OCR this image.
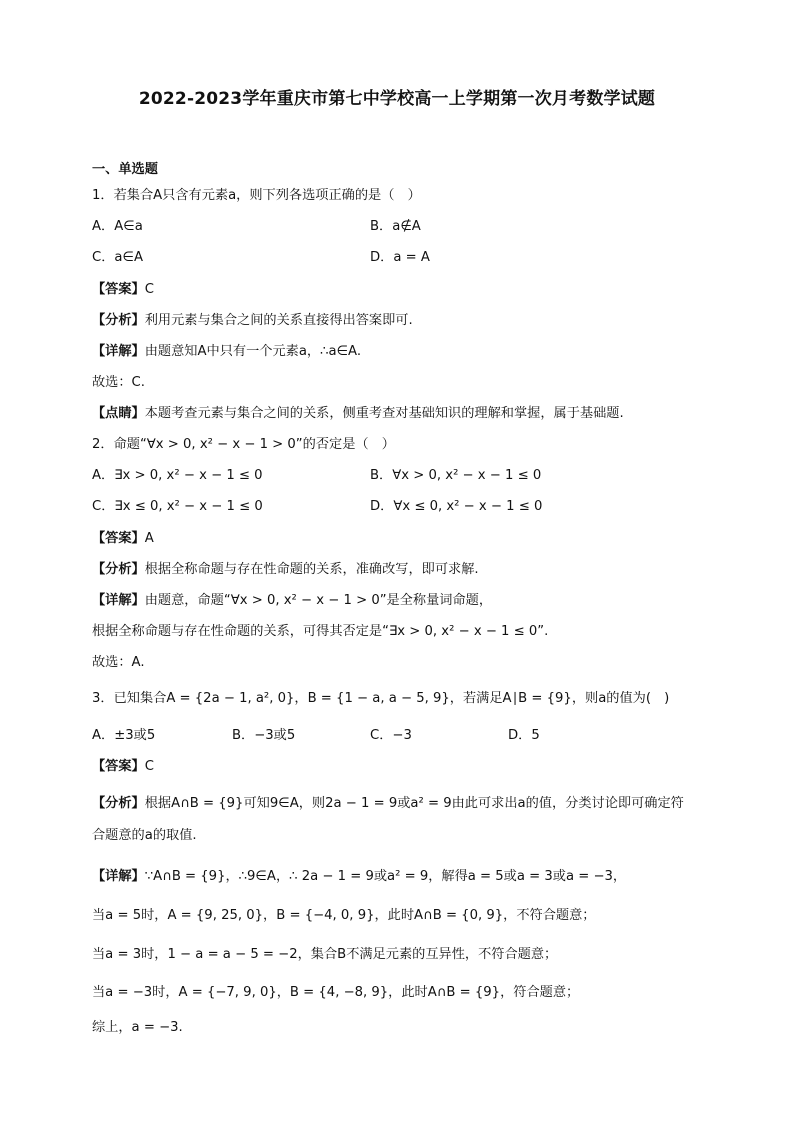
2022-2023学年重庆市第七中学校高一上学期第一次月考数学试题
一、单选题
1．若集合A只含有元素a，则下列各选项正确的是（　）
A．A∈a	B．a∉A
C．a∈A	D．a = A
【答案】C
【分析】利用元素与集合之间的关系直接得出答案即可.
【详解】由题意知A中只有一个元素a，∴a∈A.
故选：C.
【点睛】本题考查元素与集合之间的关系，侧重考查对基础知识的理解和掌握，属于基础题.
2．命题“∀x > 0, x² − x − 1 > 0”的否定是（　）
A．∃x > 0, x² − x − 1 ≤ 0	B．∀x > 0, x² − x − 1 ≤ 0
C．∃x ≤ 0, x² − x − 1 ≤ 0	D．∀x ≤ 0, x² − x − 1 ≤ 0
【答案】A
【分析】根据全称命题与存在性命题的关系，准确改写，即可求解.
【详解】由题意，命题“∀x > 0, x² − x − 1 > 0”是全称量词命题，
根据全称命题与存在性命题的关系，可得其否定是“∃x > 0, x² − x − 1 ≤ 0”.
故选：A.
3．已知集合A = {2a − 1, a², 0}，B = {1 − a, a − 5, 9}，若满足A∣B = {9}，则a的值为(　)
A．±3或5	B．−3或5	C．−3	D．5
【答案】C
【分析】根据A∩B = {9}可知9∈A，则2a − 1 = 9或a² = 9由此可求出a的值，分类讨论即可确定符
合题意的a的取值.
【详解】∵A∩B = {9}，∴9∈A，∴ 2a − 1 = 9或a² = 9，解得a = 5或a = 3或a = −3，
当a = 5时，A = {9, 25, 0}，B = {−4, 0, 9}，此时A∩B = {0, 9}，不符合题意；
当a = 3时，1 − a = a − 5 = −2，集合B不满足元素的互异性，不符合题意；
当a = −3时，A = {−7, 9, 0}，B = {4, −8, 9}，此时A∩B = {9}，符合题意；
综上，a = −3.
